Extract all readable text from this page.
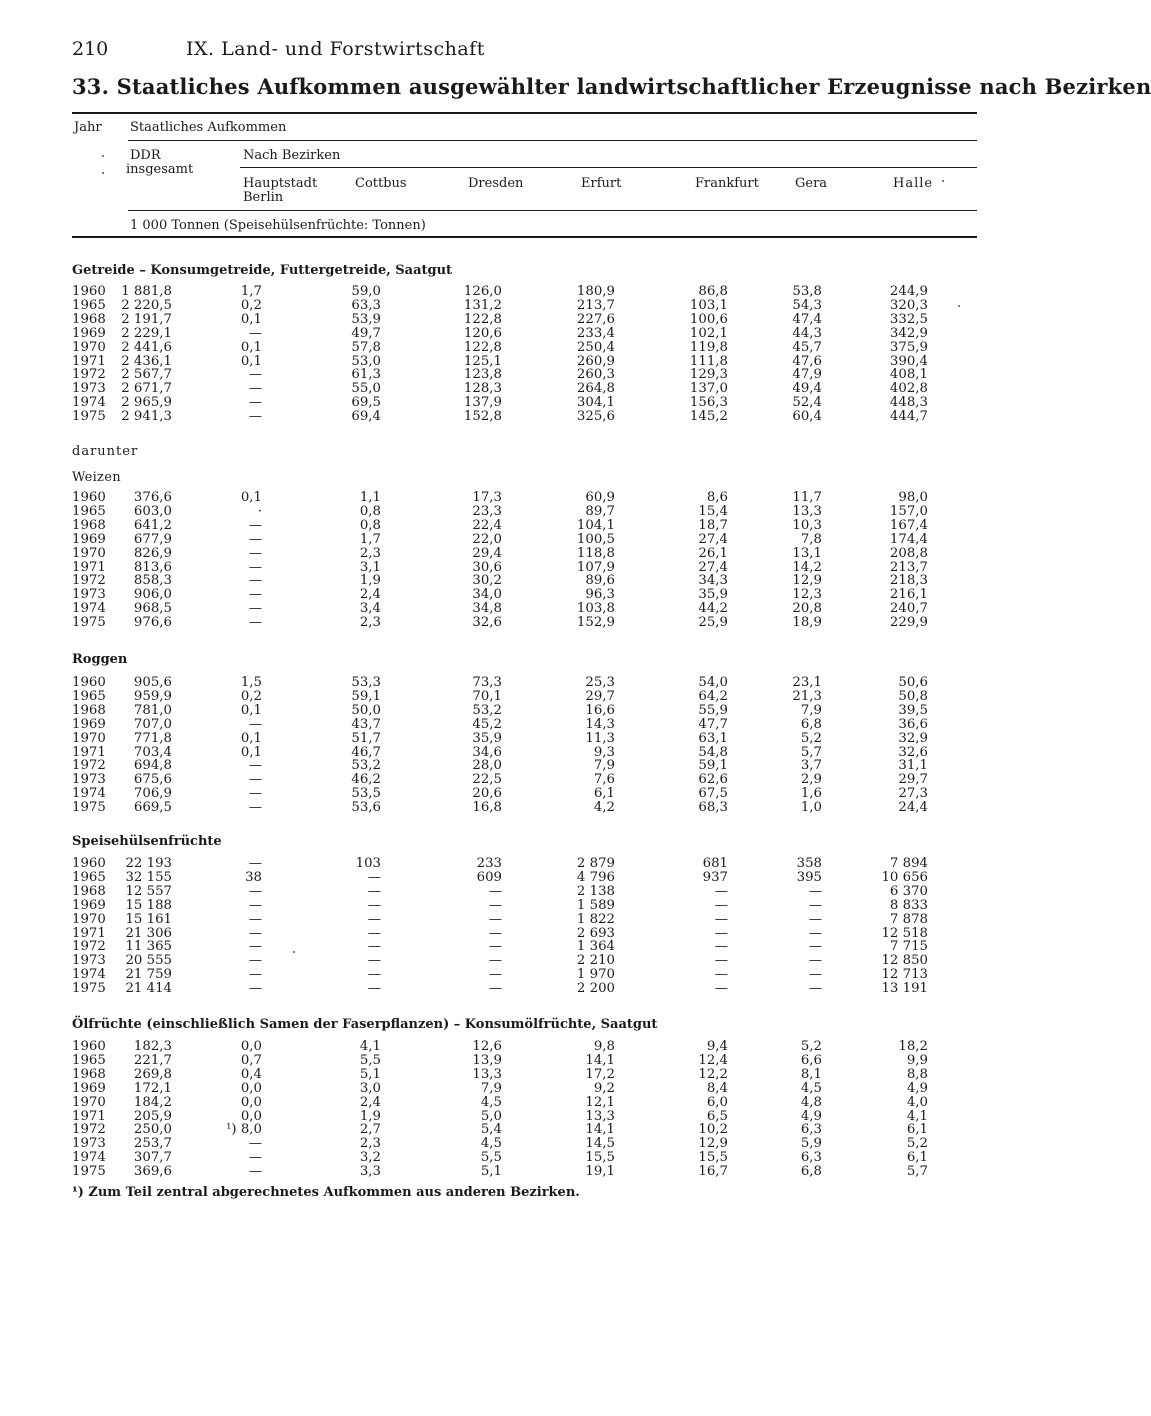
210	IX. Land- und Forstwirtschaft
33. Staatliches Aufkommen ausgewählter landwirtschaftlicher Erzeugnisse nach Bezirken
Jahr Staatliches Aufkommen
DDR
insgesamt
Nach Bezirken
Hauptstadt
Berlin
Cottbus	Dresden	Erfurt	Frankfurt	Gera	Halle
1 000 Tonnen (Speisehülsenfrüchte: Tonnen)
Getreide – Konsumgetreide, Futtergetreide, Saatgut
1960	1 881,8	1,7	59,0	126,0	180,9	86,8	53,8	244,9
1965	2 220,5	0,2	63,3	131,2	213,7	103,1	54,3	320,3
1968	2 191,7	0,1	53,9	122,8	227,6	100,6	47,4	332,5
1969	2 229,1	—	49,7	120,6	233,4	102,1	44,3	342,9
1970	2 441,6	0,1	57,8	122,8	250,4	119,8	45,7	375,9
1971	2 436,1	0,1	53,0	125,1	260,9	111,8	47,6	390,4
1972	2 567,7	—	61,3	123,8	260,3	129,3	47,9	408,1
1973	2 671,7	—	55,0	128,3	264,8	137,0	49,4	402,8
1974	2 965,9	—	69,5	137,9	304,1	156,3	52,4	448,3
1975	2 941,3	—	69,4	152,8	325,6	145,2	60,4	444,7
darunter
Weizen
1960	376,6	0,1	1,1	17,3	60,9	8,6	11,7	98,0
1965	603,0	·	0,8	23,3	89,7	15,4	13,3	157,0
1968	641,2	—	0,8	22,4	104,1	18,7	10,3	167,4
1969	677,9	—	1,7	22,0	100,5	27,4	7,8	174,4
1970	826,9	—	2,3	29,4	118,8	26,1	13,1	208,8
1971	813,6	—	3,1	30,6	107,9	27,4	14,2	213,7
1972	858,3	—	1,9	30,2	89,6	34,3	12,9	218,3
1973	906,0	—	2,4	34,0	96,3	35,9	12,3	216,1
1974	968,5	—	3,4	34,8	103,8	44,2	20,8	240,7
1975	976,6	—	2,3	32,6	152,9	25,9	18,9	229,9
Roggen
1960	905,6	1,5	53,3	73,3	25,3	54,0	23,1	50,6
1965	959,9	0,2	59,1	70,1	29,7	64,2	21,3	50,8
1968	781,0	0,1	50,0	53,2	16,6	55,9	7,9	39,5
1969	707,0	—	43,7	45,2	14,3	47,7	6,8	36,6
1970	771,8	0,1	51,7	35,9	11,3	63,1	5,2	32,9
1971	703,4	0,1	46,7	34,6	9,3	54,8	5,7	32,6
1972	694,8	—	53,2	28,0	7,9	59,1	3,7	31,1
1973	675,6	—	46,2	22,5	7,6	62,6	2,9	29,7
1974	706,9	—	53,5	20,6	6,1	67,5	1,6	27,3
1975	669,5	—	53,6	16,8	4,2	68,3	1,0	24,4
Speisehülsenfrüchte
1960	22 193	—	103	233	2 879	681	358	7 894
1965	32 155	38	—	609	4 796	937	395	10 656
1968	12 557	—	—	—	2 138	—	—	6 370
1969	15 188	—	—	—	1 589	—	—	8 833
1970	15 161	—	—	—	1 822	—	—	7 878
1971	21 306	—	—	—	2 693	—	—	12 518
1972	11 365	—	—	—	1 364	—	—	7 715
1973	20 555	—	—	—	2 210	—	—	12 850
1974	21 759	—	—	—	1 970	—	—	12 713
1975	21 414	—	—	—	2 200	—	—	13 191
Ölfrüchte (einschließlich Samen der Faserpflanzen) – Konsumölfrüchte, Saatgut
1960	182,3	0,0	4,1	12,6	9,8	9,4	5,2	18,2
1965	221,7	0,7	5,5	13,9	14,1	12,4	6,6	9,9
1968	269,8	0,4	5,1	13,3	17,2	12,2	8,1	8,8
1969	172,1	0,0	3,0	7,9	9,2	8,4	4,5	4,9
1970	184,2	0,0	2,4	4,5	12,1	6,0	4,8	4,0
1971	205,9	0,0	1,9	5,0	13,3	6,5	4,9	4,1
1972	250,0	¹) 8,0	2,7	5,4	14,1	10,2	6,3	6,1
1973	253,7	—	2,3	4,5	14,5	12,9	5,9	5,2
1974	307,7	—	3,2	5,5	15,5	15,5	6,3	6,1
1975	369,6	—	3,3	5,1	19,1	16,7	6,8	5,7
¹) Zum Teil zentral abgerechnetes Aufkommen aus anderen Bezirken.
